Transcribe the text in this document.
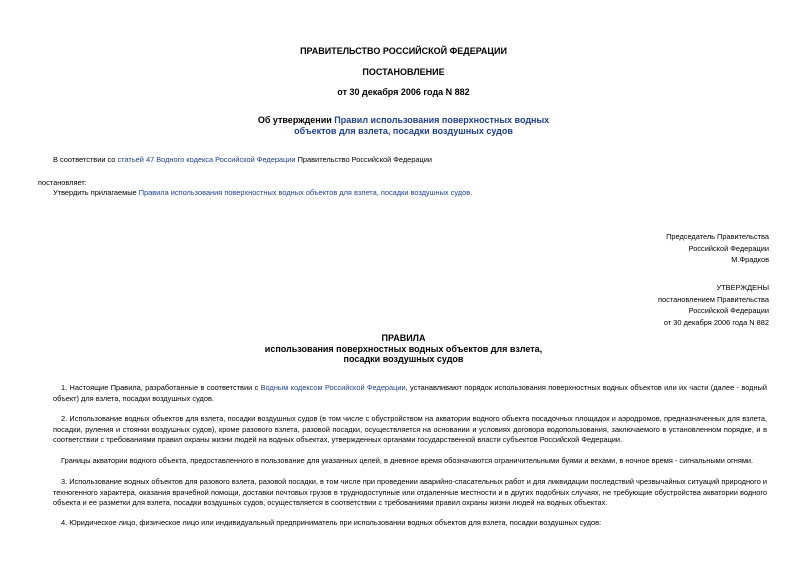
ПРАВИТЕЛЬСТВО РОССИЙСКОЙ ФЕДЕРАЦИИ
ПОСТАНОВЛЕНИЕ
от 30 декабря 2006 года N 882
Об утверждении Правил использования поверхностных водных
объектов для взлета, посадки воздушных судов
В соответствии со статьей 47 Водного кодекса Российской Федерации Правительство Российской Федерации
постановляет:
Утвердить прилагаемые Правила использования поверхностных водных объектов для взлета, посадки воздушных судов.
Председатель Правительства
Российской Федерации
М.Фрадков
УТВЕРЖДЕНЫ
постановлением Правительства
Российской Федерации
от 30 декабря 2006 года N 882
ПРАВИЛА
использования поверхностных водных объектов для взлета,
посадки воздушных судов
1. Настоящие Правила, разработанные в соответствии с Водным кодексом Российской Федерации, устанавливают порядок использования поверхностных водных объектов или их части (далее - водный объект) для взлета, посадки воздушных судов.
2. Использование водных объектов для взлета, посадки воздушных судов (в том числе с обустройством на акватории водного объекта посадочных площадок и аэродромов, предназначенных для взлета, посадки, руления и стоянки воздушных судов), кроме разового взлета, разовой посадки, осуществляется на основании и условиях договора водопользования, заключаемого в установленном порядке, и в соответствии с требованиями правил охраны жизни людей на водных объектах, утвержденных органами государственной власти субъектов Российской Федерации.
Границы акватории водного объекта, предоставленного в пользование для указанных целей, в дневное время обозначаются ограничительными буями и вехами, в ночное время - сигнальными огнями.
3. Использование водных объектов для разового взлета, разовой посадки, в том числе при проведении аварийно-спасательных работ и для ликвидации последствий чрезвычайных ситуаций природного и техногенного характера, оказания врачебной помощи, доставки почтовых грузов в труднодоступные или отдаленные местности и в других подобных случаях, не требующие обустройства акватории водного объекта и ее разметки для взлета, посадки воздушных судов, осуществляется в соответствии с требованиями правил охраны жизни людей на водных объектах.
4. Юридическое лицо, физическое лицо или индивидуальный предприниматель при использовании водных объектов для взлета, посадки воздушных судов:
